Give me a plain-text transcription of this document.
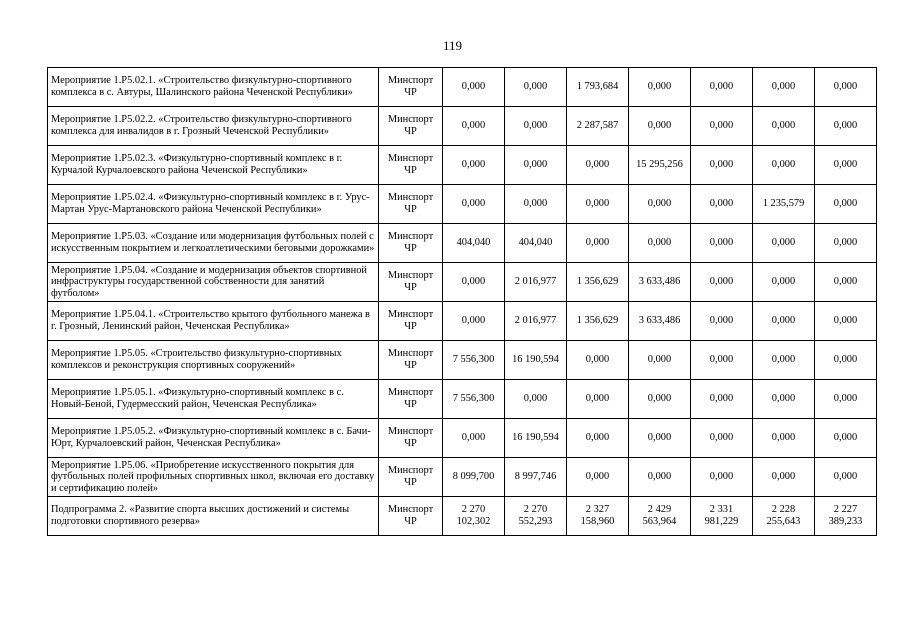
119
Мероприятие 1.Р5.02.1. «Строительство физкультурно-спортивного комплекса в с. Автуры, Шалинского района Чеченской Республики»	Минспорт ЧР	0,000	0,000	1 793,684	0,000	0,000	0,000	0,000
Мероприятие 1.Р5.02.2. «Строительство физкультурно-спортивного комплекса для инвалидов в г. Грозный Чеченской Республики»	Минспорт ЧР	0,000	0,000	2 287,587	0,000	0,000	0,000	0,000
Мероприятие 1.Р5.02.3. «Физкультурно-спортивный комплекс в г. Курчалой Курчалоевского района Чеченской Республики»	Минспорт ЧР	0,000	0,000	0,000	15 295,256	0,000	0,000	0,000
Мероприятие 1.Р5.02.4. «Физкультурно-спортивный комплекс в г. Урус-Мартан Урус-Мартановского района Чеченской Республики»	Минспорт ЧР	0,000	0,000	0,000	0,000	0,000	1 235,579	0,000
Мероприятие 1.Р5.03. «Создание или модернизация футбольных полей с искусственным покрытием и легкоатлетическими беговыми дорожками»	Минспорт ЧР	404,040	404,040	0,000	0,000	0,000	0,000	0,000
Мероприятие 1.Р5.04. «Создание и модернизация объектов спортивной инфраструктуры государственной собственности для занятий футболом»	Минспорт ЧР	0,000	2 016,977	1 356,629	3 633,486	0,000	0,000	0,000
Мероприятие 1.Р5.04.1. «Строительство крытого футбольного манежа в г. Грозный, Ленинский район, Чеченская Республика»	Минспорт ЧР	0,000	2 016,977	1 356,629	3 633,486	0,000	0,000	0,000
Мероприятие 1.Р5.05. «Строительство физкультурно-спортивных комплексов и реконструкция спортивных сооружений»	Минспорт ЧР	7 556,300	16 190,594	0,000	0,000	0,000	0,000	0,000
Мероприятие 1.Р5.05.1. «Физкультурно-спортивный комплекс в с. Новый-Беной, Гудермесский район, Чеченская Республика»	Минспорт ЧР	7 556,300	0,000	0,000	0,000	0,000	0,000	0,000
Мероприятие 1.Р5.05.2. «Физкультурно-спортивный комплекс в с. Бачи-Юрт, Курчалоевский район, Чеченская Республика»	Минспорт ЧР	0,000	16 190,594	0,000	0,000	0,000	0,000	0,000
Мероприятие 1.Р5.06. «Приобретение искусственного покрытия для футбольных полей профильных спортивных школ, включая его доставку и сертификацию полей»	Минспорт ЧР	8 099,700	8 997,746	0,000	0,000	0,000	0,000	0,000
Подпрограмма 2. «Развитие спорта высших достижений и системы подготовки спортивного резерва»	Минспорт ЧР	2 270 102,302	2 270 552,293	2 327 158,960	2 429 563,964	2 331 981,229	2 228 255,643	2 227 389,233
